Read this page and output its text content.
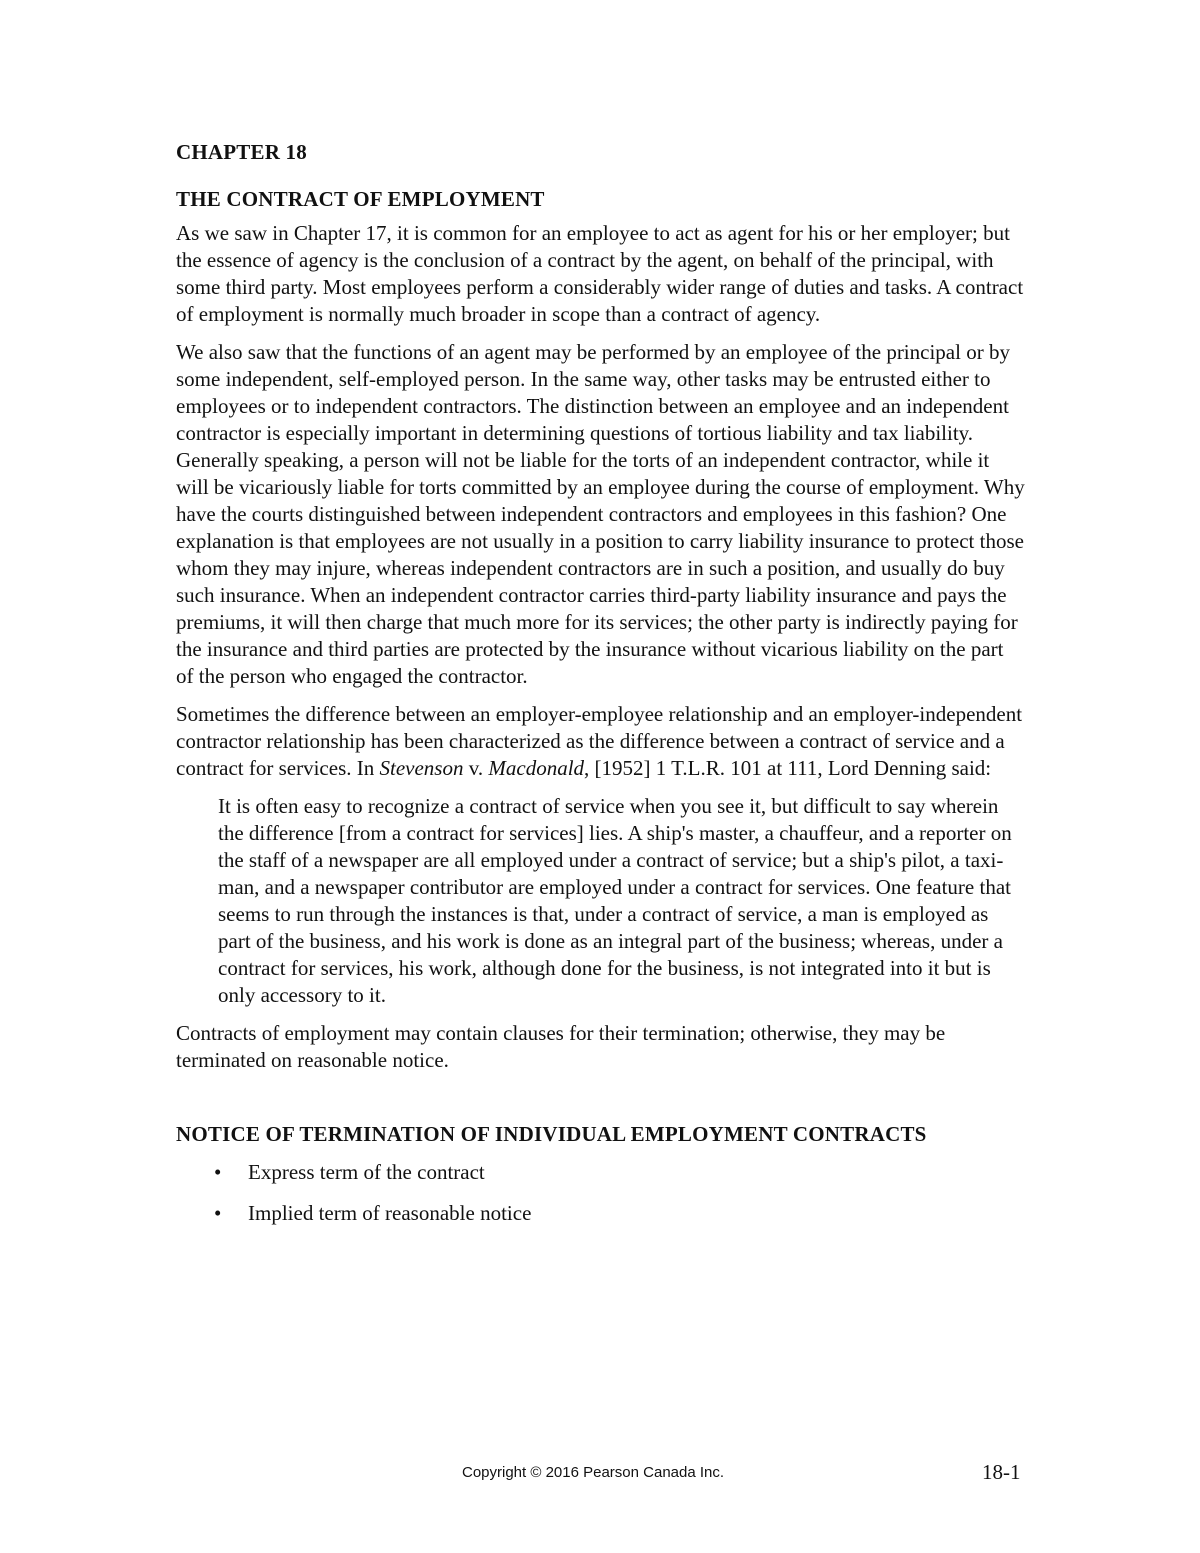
CHAPTER 18
THE CONTRACT OF EMPLOYMENT

As we saw in Chapter 17, it is common for an employee to act as agent for his or her employer; but the essence of agency is the conclusion of a contract by the agent, on behalf of the principal, with some third party. Most employees perform a considerably wider range of duties and tasks. A contract of employment is normally much broader in scope than a contract of agency.

We also saw that the functions of an agent may be performed by an employee of the principal or by some independent, self-employed person. In the same way, other tasks may be entrusted either to employees or to independent contractors. The distinction between an employee and an independent contractor is especially important in determining questions of tortious liability and tax liability. Generally speaking, a person will not be liable for the torts of an independent contractor, while it will be vicariously liable for torts committed by an employee during the course of employment. Why have the courts distinguished between independent contractors and employees in this fashion? One explanation is that employees are not usually in a position to carry liability insurance to protect those whom they may injure, whereas independent contractors are in such a position, and usually do buy such insurance. When an independent contractor carries third-party liability insurance and pays the premiums, it will then charge that much more for its services; the other party is indirectly paying for the insurance and third parties are protected by the insurance without vicarious liability on the part of the person who engaged the contractor.

Sometimes the difference between an employer-employee relationship and an employer-independent contractor relationship has been characterized as the difference between a contract of service and a contract for services. In Stevenson v. Macdonald, [1952] 1 T.L.R. 101 at 111, Lord Denning said:

It is often easy to recognize a contract of service when you see it, but difficult to say wherein the difference [from a contract for services] lies. A ship's master, a chauffeur, and a reporter on the staff of a newspaper are all employed under a contract of service; but a ship's pilot, a taxi-man, and a newspaper contributor are employed under a contract for services. One feature that seems to run through the instances is that, under a contract of service, a man is employed as part of the business, and his work is done as an integral part of the business; whereas, under a contract for services, his work, although done for the business, is not integrated into it but is only accessory to it.

Contracts of employment may contain clauses for their termination; otherwise, they may be terminated on reasonable notice.

NOTICE OF TERMINATION OF INDIVIDUAL EMPLOYMENT CONTRACTS
• Express term of the contract
• Implied term of reasonable notice
Copyright © 2016 Pearson Canada Inc.	18-1
